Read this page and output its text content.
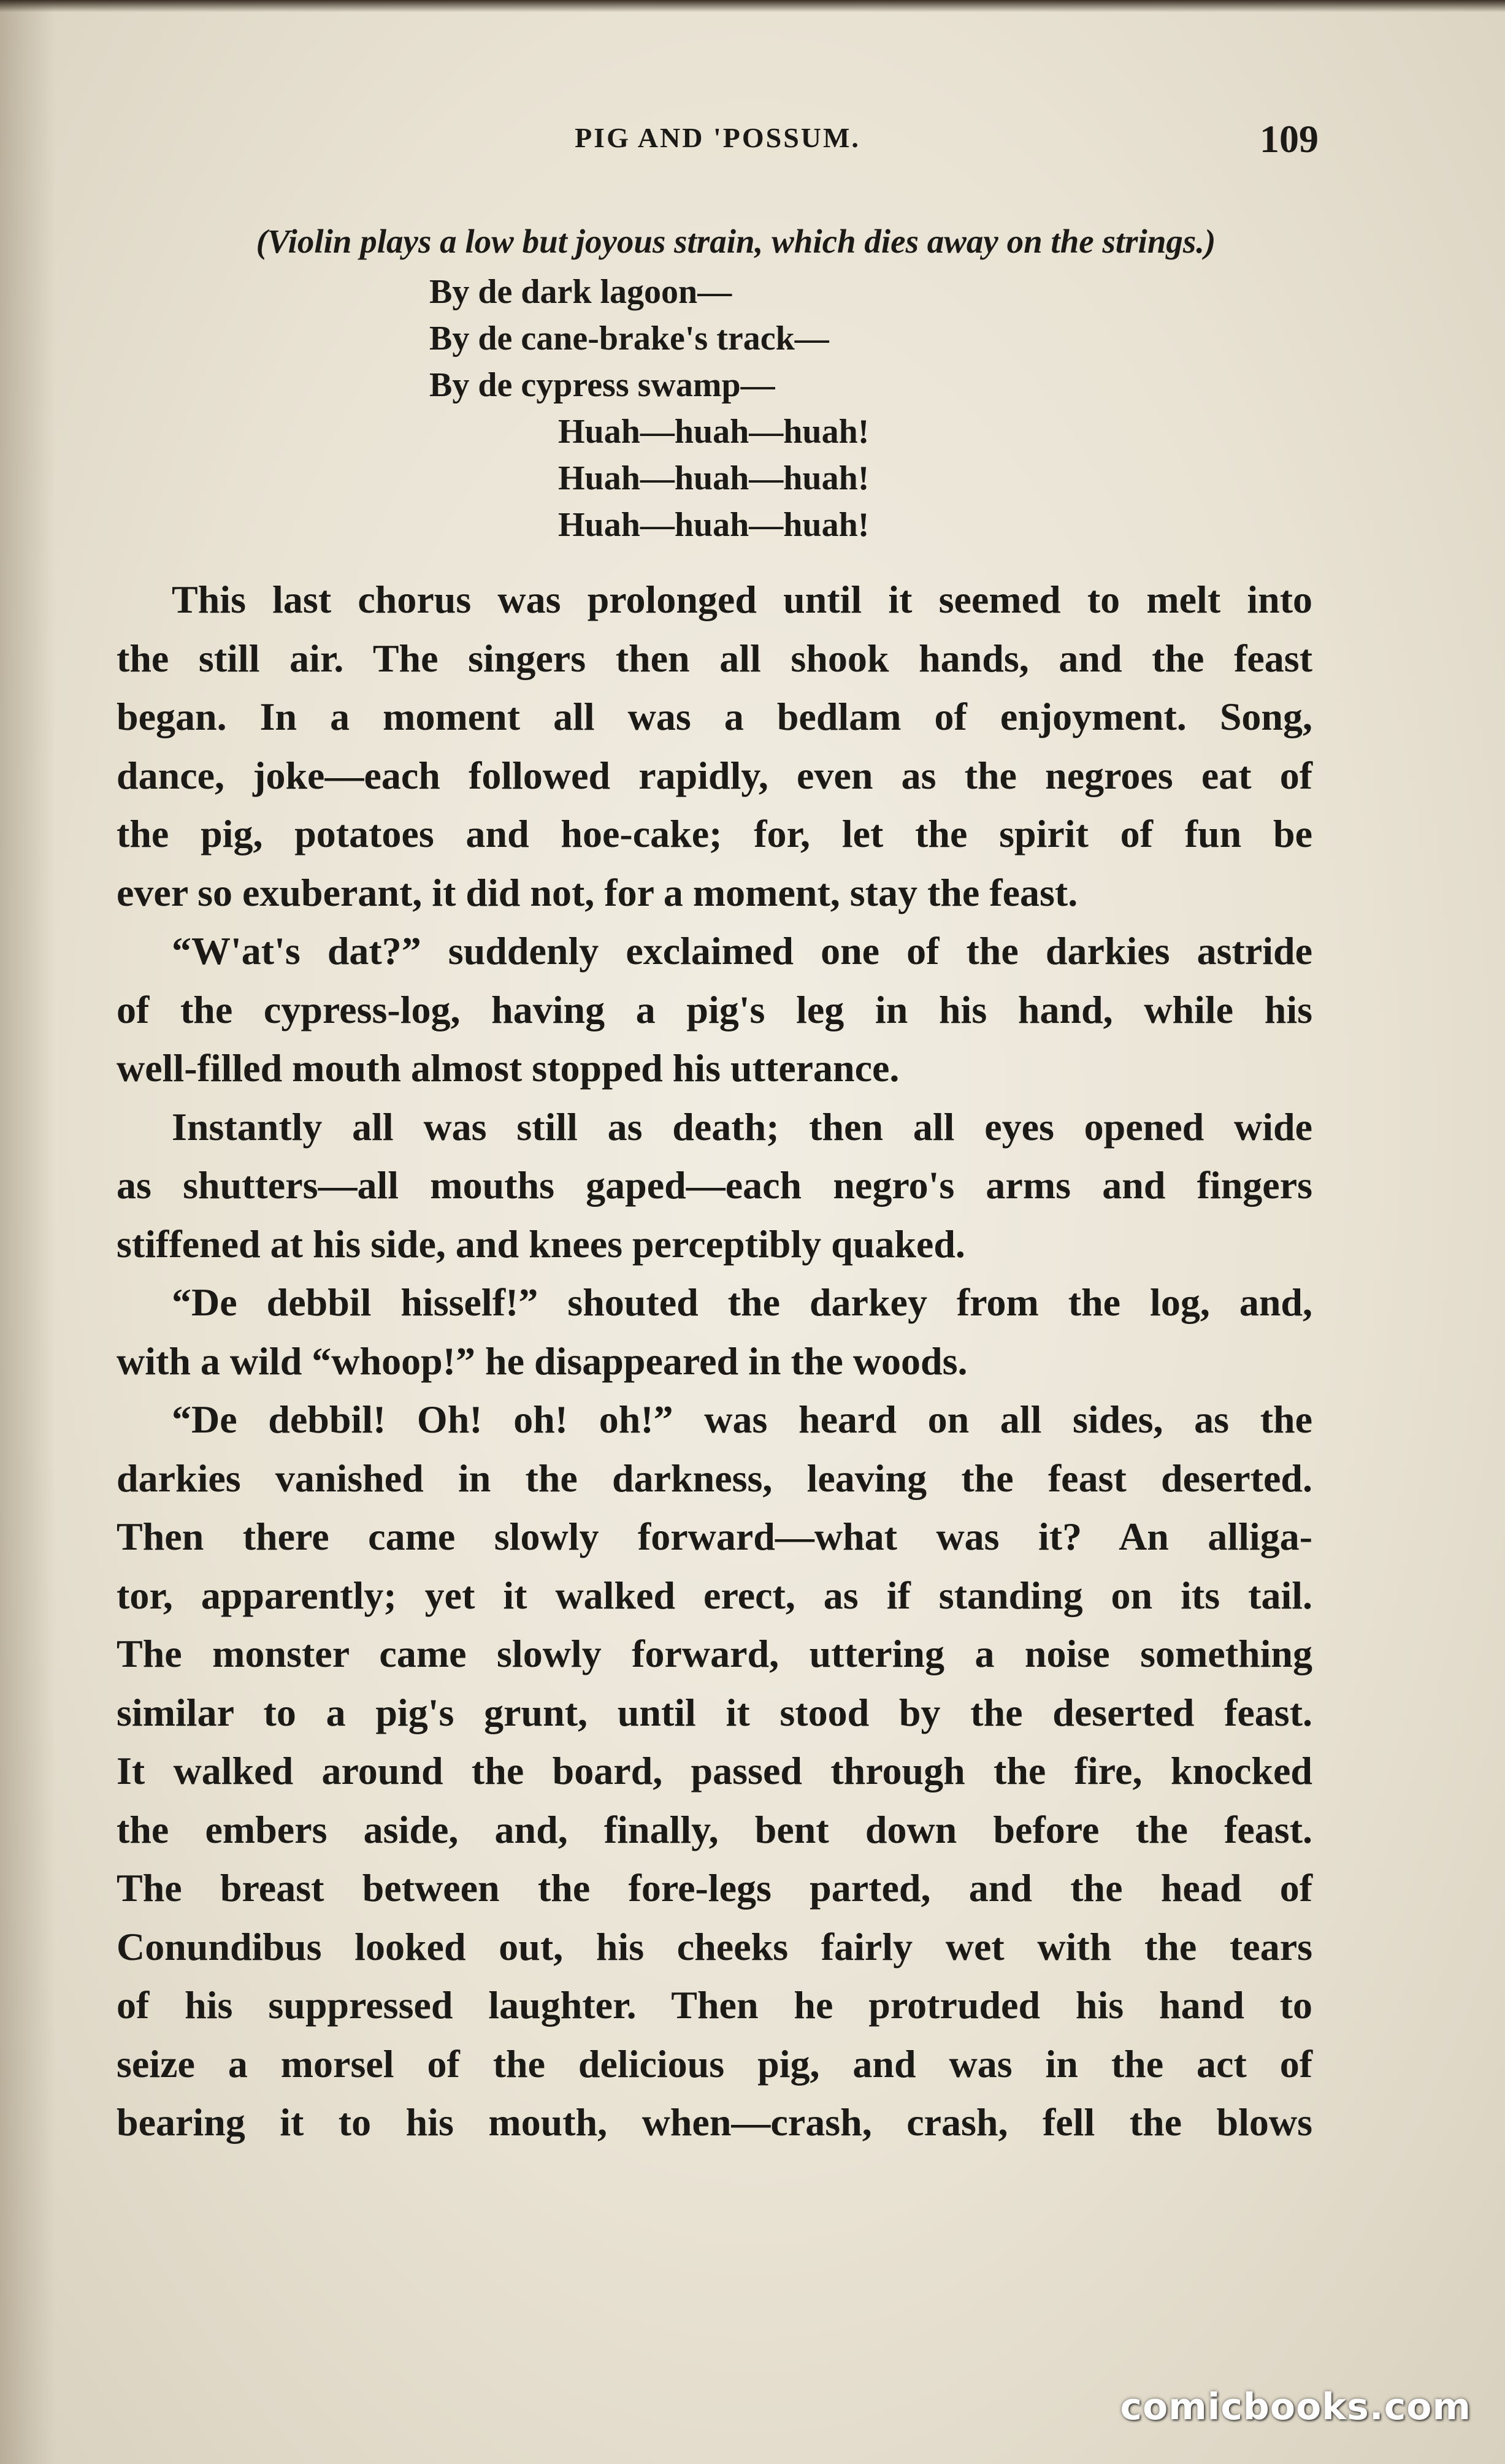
PIG AND 'POSSUM.	109
(Violin plays a low but joyous strain, which dies away on the strings.)
By de dark lagoon—
By de cane-brake's track—
By de cypress swamp—
Huah—huah—huah!
Huah—huah—huah!
Huah—huah—huah!

This last chorus was prolonged until it seemed to melt into
the still air. The singers then all shook hands, and the feast
began. In a moment all was a bedlam of enjoyment. Song,
dance, joke—each followed rapidly, even as the negroes eat of
the pig, potatoes and hoe-cake; for, let the spirit of fun be
ever so exuberant, it did not, for a moment, stay the feast.

“W'at's dat?” suddenly exclaimed one of the darkies astride
of the cypress-log, having a pig's leg in his hand, while his
well-filled mouth almost stopped his utterance.

Instantly all was still as death; then all eyes opened wide
as shutters—all mouths gaped—each negro's arms and fingers
stiffened at his side, and knees perceptibly quaked.

“De debbil hisself!” shouted the darkey from the log, and,
with a wild “whoop!” he disappeared in the woods.

“De debbil! Oh! oh! oh!” was heard on all sides, as the
darkies vanished in the darkness, leaving the feast deserted.
Then there came slowly forward—what was it? An alliga-
tor, apparently; yet it walked erect, as if standing on its tail.
The monster came slowly forward, uttering a noise something
similar to a pig's grunt, until it stood by the deserted feast.
It walked around the board, passed through the fire, knocked
the embers aside, and, finally, bent down before the feast.
The breast between the fore-legs parted, and the head of
Conundibus looked out, his cheeks fairly wet with the tears
of his suppressed laughter. Then he protruded his hand to
seize a morsel of the delicious pig, and was in the act of
bearing it to his mouth, when—crash, crash, fell the blows

comicbooks.com
